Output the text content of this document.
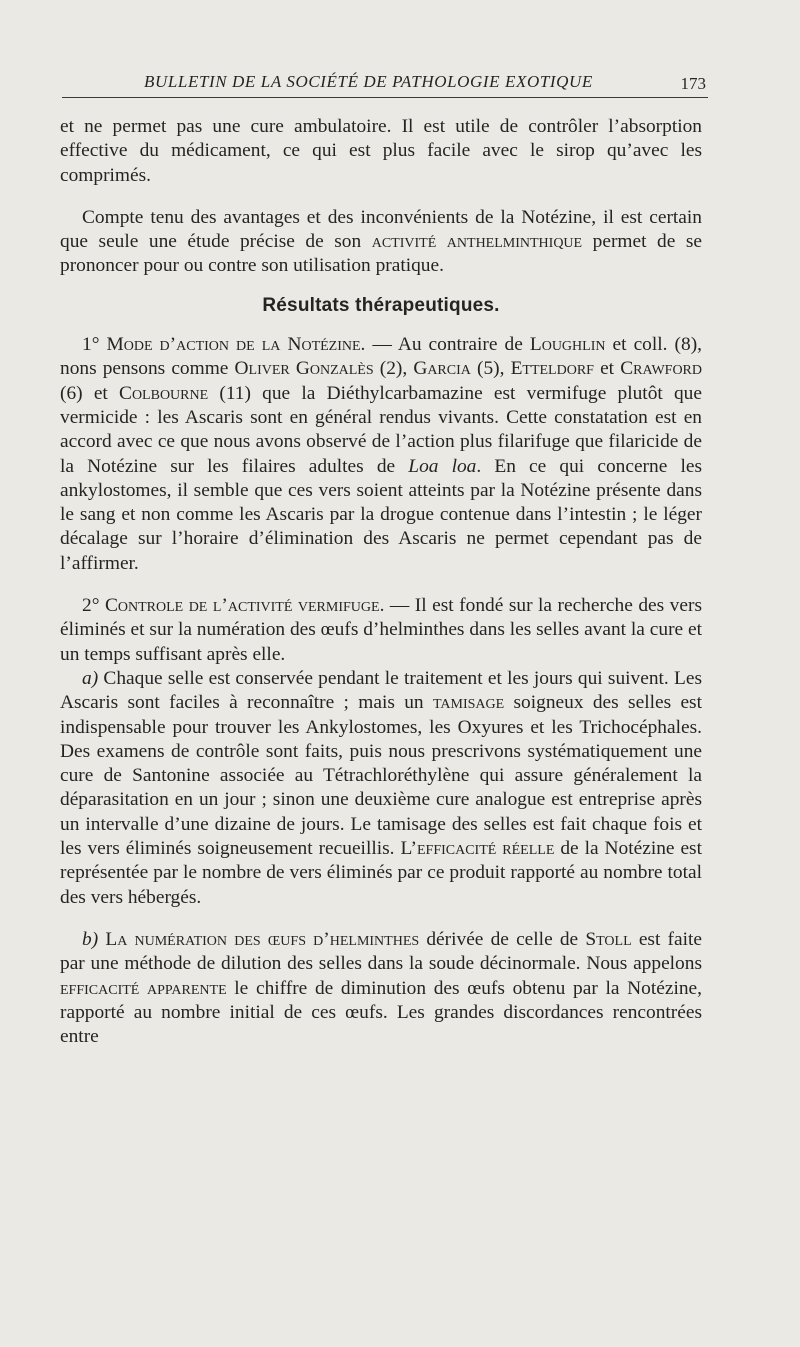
BULLETIN DE LA SOCIÉTÉ DE PATHOLOGIE EXOTIQUE	173

et ne permet pas une cure ambulatoire. Il est utile de contrôler l’absorption effective du médicament, ce qui est plus facile avec le sirop qu’avec les comprimés.

Compte tenu des avantages et des inconvénients de la Notézine, il est certain que seule une étude précise de son activité anthelminthique permet de se prononcer pour ou contre son utilisation pratique.

Résultats thérapeutiques.

1° Mode d’action de la Notézine. — Au contraire de Loughlin et coll. (8), nons pensons comme Oliver Gonzalès (2), Garcia (5), Etteldorf et Crawford (6) et Colbourne (11) que la Diéthylcarbamazine est vermifuge plutôt que vermicide : les Ascaris sont en général rendus vivants. Cette constatation est en accord avec ce que nous avons observé de l’action plus filarifuge que filaricide de la Notézine sur les filaires adultes de Loa loa. En ce qui concerne les ankylostomes, il semble que ces vers soient atteints par la Notézine présente dans le sang et non comme les Ascaris par la drogue contenue dans l’intestin ; le léger décalage sur l’horaire d’élimination des Ascaris ne permet cependant pas de l’affirmer.

2° Controle de l’activité vermifuge. — Il est fondé sur la recherche des vers éliminés et sur la numération des œufs d’helminthes dans les selles avant la cure et un temps suffisant après elle.

a) Chaque selle est conservée pendant le traitement et les jours qui suivent. Les Ascaris sont faciles à reconnaître ; mais un tamisage soigneux des selles est indispensable pour trouver les Ankylostomes, les Oxyures et les Trichocéphales. Des examens de contrôle sont faits, puis nous prescrivons systématiquement une cure de Santonine associée au Tétrachloréthylène qui assure généralement la déparasitation en un jour ; sinon une deuxième cure analogue est entreprise après un intervalle d’une dizaine de jours. Le tamisage des selles est fait chaque fois et les vers éliminés soigneusement recueillis. L’efficacité réelle de la Notézine est représentée par le nombre de vers éliminés par ce produit rapporté au nombre total des vers hébergés.

b) La numération des œufs d’helminthes dérivée de celle de Stoll est faite par une méthode de dilution des selles dans la soude décinormale. Nous appelons efficacité apparente le chiffre de diminution des œufs obtenu par la Notézine, rapporté au nombre initial de ces œufs. Les grandes discordances rencontrées entre
